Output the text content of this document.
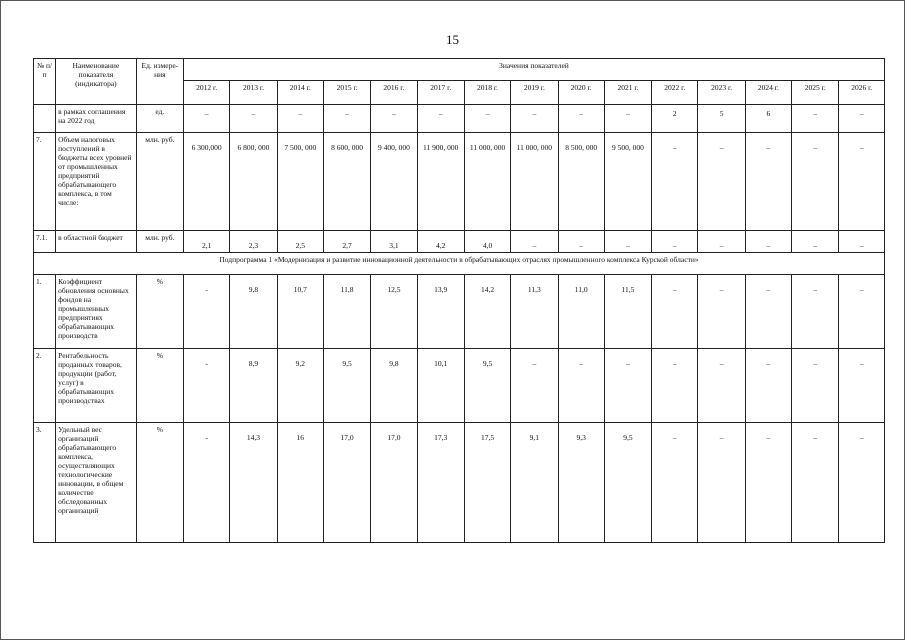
15
№ п/п	Наименование показателя (индикатора)	Ед. измере-ния	Значения показателей														
			2012 г.	2013 г.	2014 г.	2015 г.	2016 г.	2017 г.	2018 г.	2019 г.	2020 г.	2021 г.	2022 г.	2023 г.	2024 г.	2025 г.	2026 г.
	в рамках соглашения на 2022 год	ед.	–	–	–	–	–	–	–	–	–	–	2	5	6	–	–
7.	Объем налоговых поступлений в бюджеты всех уровней от промышленных предприятий обрабатывающего комплекса, в том числе:	млн. руб.	6 300,000	6 800, 000	7 500, 000	8 600, 000	9 400, 000	11 900, 000	11 000, 000	11 000, 000	8 500, 000	9 500, 000	–	–	–	–	–
7.1.	в областной бюджет	млн. руб.	2,1	2,3	2,5	2,7	3,1	4,2	4,0	–	–	–	–	–	–	–	–
Подпрограмма 1 «Модернизация и развитие инновационной деятельности в обрабатывающих отраслях промышленного комплекса Курской области»																	
1.	Коэффициент обновления основных фондов на промышленных предприятиях обрабатывающих производств	%	-	9,8	10,7	11,8	12,5	13,9	14,2	11,3	11,0	11,5	–	–	–	–	–
2.	Рентабельность проданных товаров, продукции (работ, услуг) в обрабатывающих производствах	%	-	8,9	9,2	9,5	9,8	10,1	9,5	–	–	–	–	–	–	–	–
3.	Удельный вес организаций обрабатывающего комплекса, осуществляющих технологические инновации, в общем количестве обследованных организаций	%	-	14,3	16	17,0	17,0	17,3	17,5	9,1	9,3	9,5	–	–	–	–	–
